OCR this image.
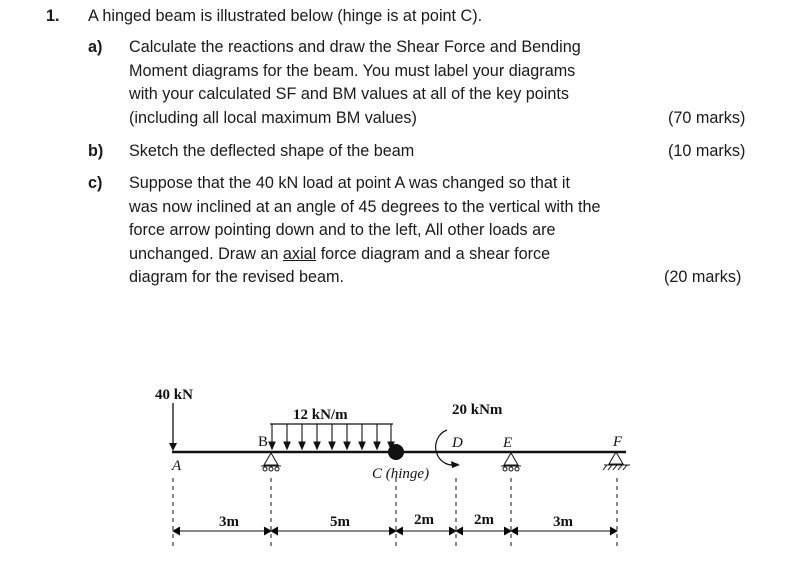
1. A hinged beam is illustrated below (hinge is at point C).
a) Calculate the reactions and draw the Shear Force and Bending
Moment diagrams for the beam. You must label your diagrams
with your calculated SF and BM values at all of the key points
(including all local maximum BM values)	(70 marks)
b) Sketch the deflected shape of the beam	(10 marks)
c) Suppose that the 40 kN load at point A was changed so that it
was now inclined at an angle of 45 degrees to the vertical with the
force arrow pointing down and to the left, All other loads are
unchanged. Draw an axial force diagram and a shear force
diagram for the revised beam.	(20 marks)
40 kN
12 kN/m
B
C (hinge)
20 kNm
D	E	F
A
3m	5m	2m	2m	3m
